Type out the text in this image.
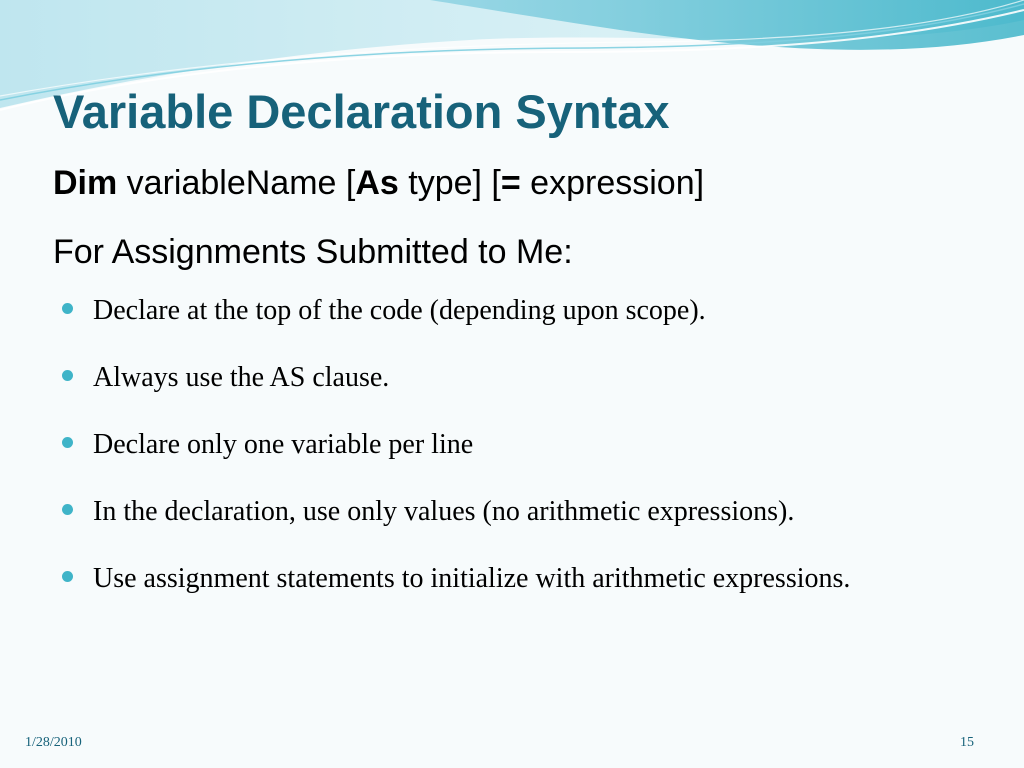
Variable Declaration Syntax
Dim variableName [As type] [= expression]
For Assignments Submitted to Me:
Declare at the top of the code (depending upon scope).
Always use the AS clause.
Declare only one variable per line
In the declaration, use only values (no arithmetic expressions).
Use assignment statements to initialize with arithmetic expressions.
1/28/2010	15
